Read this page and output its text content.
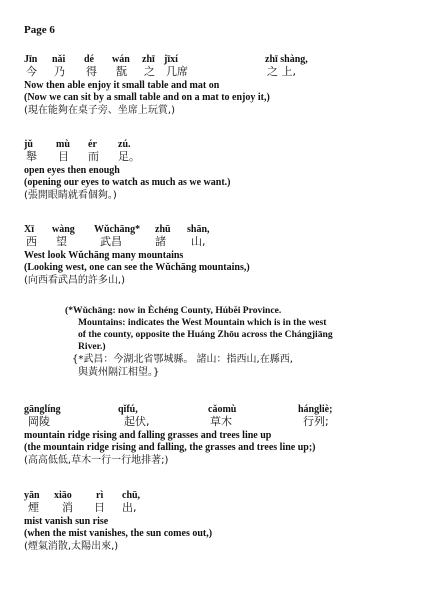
Page 6
Jīn
今
nǎi
乃
dé
得
wán
翫
zhī
之
jīxí
几席
zhī shàng,
之 上,
Now then able enjoy it small table and mat on
(Now we can sit by a small table and on a mat to enjoy it,)
(現在能夠在桌子旁、坐席上玩賞,)
jǔ
舉
mù
目
ér
而
zú.
足。
open eyes then enough
(opening our eyes to watch as much as we want.)
(張開眼睛就看個夠。)
Xī
西
wàng
望
Wǔchāng*
武昌
zhū
諸
shān,
山,
West look Wǔchāng many mountains
(Looking west, one can see the Wǔchāng mountains,)
(向西看武昌的許多山,)
(*Wǔchāng: now in Èchéng County, Húbĕi Province.
Mountains: indicates the West Mountain which is in the west
of the county, opposite the Huáng Zhōu across the Chángjiāng
River.)
{*武昌：今湖北省鄂城縣。 諸山：指西山,在縣西,
與黃州隔江相望。}
gānglíng
岡陵
qǐfú,
起伏,
cǎomù
草木
hángliè;
行列;
mountain ridge rising and falling grasses and trees line up
(the mountain ridge rising and falling, the grasses and trees line up;)
(高高低低,草木一行一行地排著;)
yān
煙
xiāo
消
rì
日
chū,
出,
mist vanish sun rise
(when the mist vanishes, the sun comes out,)
(煙氣消散,太陽出來,)
